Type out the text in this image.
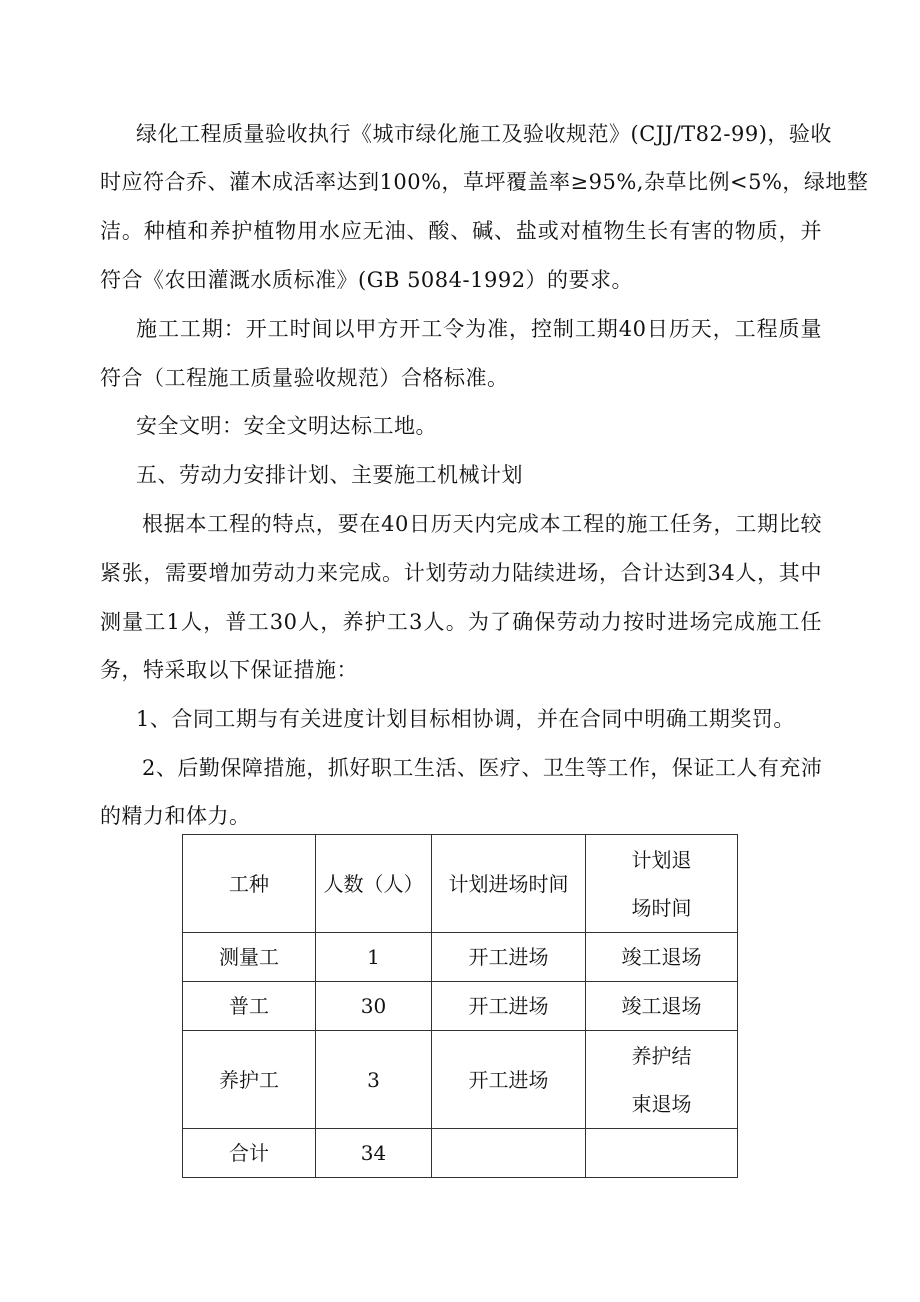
绿化工程质量验收执行《城市绿化施工及验收规范》(CJJ/T82-99)，验收
时应符合乔、灌木成活率达到100%，草坪覆盖率≥95%,杂草比例<5%，绿地整
洁。种植和养护植物用水应无油、酸、碱、盐或对植物生长有害的物质，并
符合《农田灌溉水质标准》(GB 5084-1992）的要求。
施工工期：开工时间以甲方开工令为准，控制工期40日历天，工程质量
符合（工程施工质量验收规范）合格标准。
安全文明：安全文明达标工地。
五、劳动力安排计划、主要施工机械计划
根据本工程的特点，要在40日历天内完成本工程的施工任务，工期比较
紧张，需要增加劳动力来完成。计划劳动力陆续进场，合计达到34人，其中
测量工1人，普工30人，养护工3人。为了确保劳动力按时进场完成施工任
务，特采取以下保证措施：
1、合同工期与有关进度计划目标相协调，并在合同中明确工期奖罚。
2、后勤保障措施，抓好职工生活、医疗、卫生等工作，保证工人有充沛
的精力和体力。
工种	人数（人）	计划进场时间	计划退
场时间

测量工	1	开工进场	竣工退场
普工	30	开工进场	竣工退场
养护工	3	开工进场	养护结
束退场

合计	34		
